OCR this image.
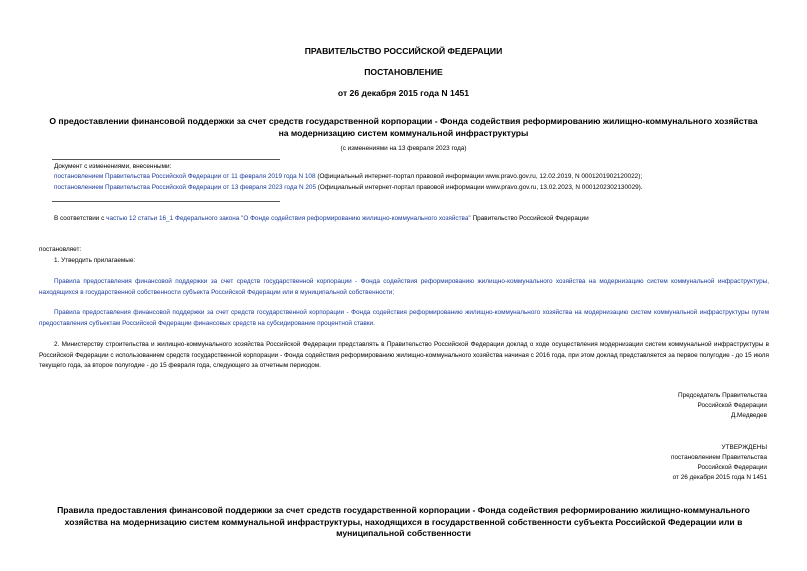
ПРАВИТЕЛЬСТВО РОССИЙСКОЙ ФЕДЕРАЦИИ
ПОСТАНОВЛЕНИЕ
от 26 декабря 2015 года N 1451
О предоставлении финансовой поддержки за счет средств государственной корпорации - Фонда содействия реформированию жилищно-коммунального хозяйства на модернизацию систем коммунальной инфраструктуры
(с изменениями на 13 февраля 2023 года)
Документ с изменениями, внесенными:
постановлением Правительства Российской Федерации от 11 февраля 2019 года N 108 (Официальный интернет-портал правовой информации www.pravo.gov.ru, 12.02.2019, N 0001201902120022);
постановлением Правительства Российской Федерации от 13 февраля 2023 года N 205 (Официальный интернет-портал правовой информации www.pravo.gov.ru, 13.02.2023, N 0001202302130029).
В соответствии с частью 12 статьи 16_1 Федерального закона "О Фонде содействия реформированию жилищно-коммунального хозяйства" Правительство Российской Федерации
постановляет:
1. Утвердить прилагаемые:
Правила предоставления финансовой поддержки за счет средств государственной корпорации - Фонда содействия реформированию жилищно-коммунального хозяйства на модернизацию систем коммунальной инфраструктуры, находящихся в государственной собственности субъекта Российской Федерации или в муниципальной собственности;
Правила предоставления финансовой поддержки за счет средств государственной корпорации - Фонда содействия реформированию жилищно-коммунального хозяйства на модернизацию систем коммунальной инфраструктуры путем предоставления субъектам Российской Федерации финансовых средств на субсидирование процентной ставки.
2. Министерству строительства и жилищно-коммунального хозяйства Российской Федерации представлять в Правительство Российской Федерации доклад о ходе осуществления модернизации систем коммунальной инфраструктуры в Российской Федерации с использованием средств государственной корпорации - Фонда содействия реформированию жилищно-коммунального хозяйства начиная с 2016 года, при этом доклад представляется за первое полугодие - до 15 июля текущего года, за второе полугодие - до 15 февраля года, следующего за отчетным периодом.
Председатель Правительства
Российской Федерации
Д.Медведев
УТВЕРЖДЕНЫ
постановлением Правительства
Российской Федерации
от 26 декабря 2015 года N 1451
Правила предоставления финансовой поддержки за счет средств государственной корпорации - Фонда содействия реформированию жилищно-коммунального хозяйства на модернизацию систем коммунальной инфраструктуры, находящихся в государственной собственности субъекта Российской Федерации или в муниципальной собственности
